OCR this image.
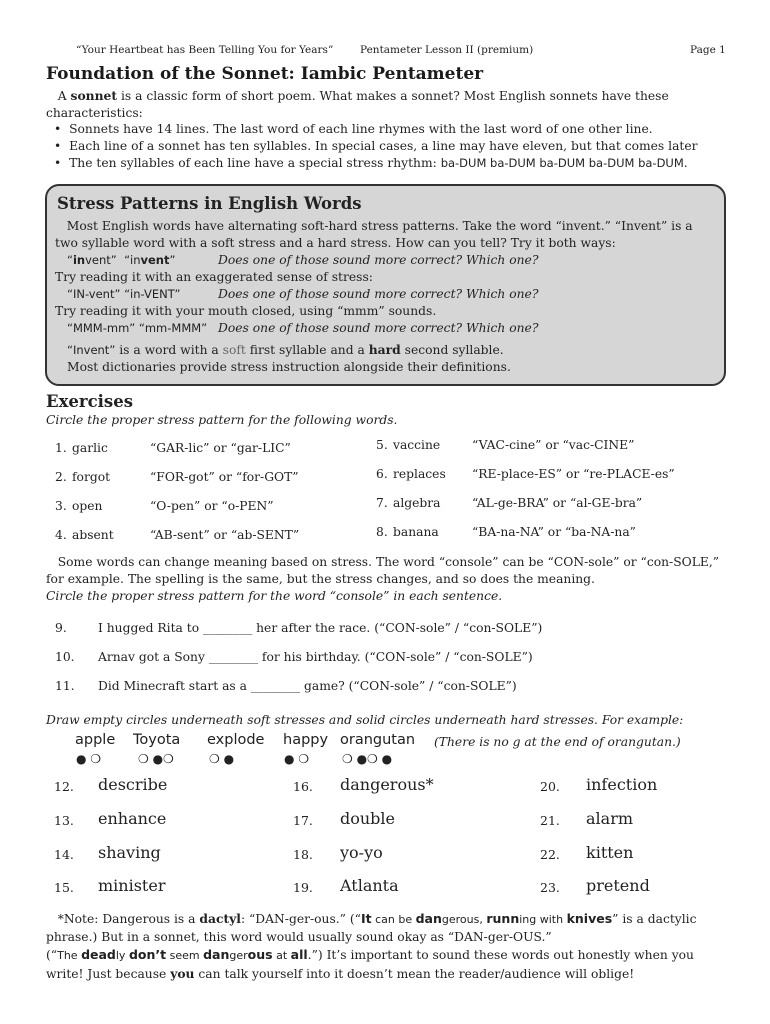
“Your Heartbeat has Been Telling You for Years”	Pentameter Lesson II (premium)	Page 1
Foundation of the Sonnet: Iambic Pentameter
A sonnet is a classic form of short poem. What makes a sonnet? Most English sonnets have these
characteristics:
•  Sonnets have 14 lines. The last word of each line rhymes with the last word of one other line.
•  Each line of a sonnet has ten syllables. In special cases, a line may have eleven, but that comes later
•  The ten syllables of each line have a special stress rhythm: ba-DUM ba-DUM ba-DUM ba-DUM ba-DUM.
Stress Patterns in English Words
Most English words have alternating soft-hard stress patterns. Take the word “invent.” “Invent” is a
two syllable word with a soft stress and a hard stress. How can you tell? Try it both ways:
“invent” “invent”	Does one of those sound more correct? Which one?

Try reading it with an exaggerated sense of stress:
“IN-vent” “in-VENT”	Does one of those sound more correct? Which one?

Try reading it with your mouth closed, using “mmm” sounds.
“MMM-mm” “mm-MMM” Does one of those sound more correct? Which one?

“Invent” is a word with a soft first syllable and a hard second syllable.
Most dictionaries provide stress instruction alongside their definitions.
Exercises
Circle the proper stress pattern for the following words.
1. garlic	“GAR-lic” or “gar-LIC”
2. forgot	“FOR-got” or “for-GOT”
3. open	“O-pen” or “o-PEN”
4. absent	“AB-sent” or “ab-SENT”
5. vaccine	“VAC-cine” or “vac-CINE”
6. replaces “RE-place-ES” or “re-PLACE-es”
7. algebra	“AL-ge-BRA” or “al-GE-bra”
8. banana	“BA-na-NA” or “ba-NA-na”
Some words can change meaning based on stress. The word “console” can be “CON-sole” or “con-SOLE,”
for example. The spelling is the same, but the stress changes, and so does the meaning.
Circle the proper stress pattern for the word “console” in each sentence.
9.	I hugged Rita to ________ her after the race. (“CON-sole” / “con-SOLE”)
10. Arnav got a Sony ________ for his birthday. (“CON-sole” / “con-SOLE”)
11. Did Minecraft start as a ________ game? (“CON-sole” / “con-SOLE”)
Draw empty circles underneath soft stresses and solid circles underneath hard stresses. For example:
apple Toyota explode happy orangutan (There is no g at the end of orangutan.)
● ❍	❍ ●❍	❍ ●	● ❍	❍ ●❍ ●
12. describe	16. dangerous*	20. infection
13. enhance	17. double	21. alarm
14. shaving	18. yo-yo	22. kitten
15. minister	19. Atlanta	23. pretend
*Note: Dangerous is a dactyl: “DAN-ger-ous.” (“It can be dangerous, running with knives” is a dactylic
phrase.) But in a sonnet, this word would usually sound okay as “DAN-ger-OUS.”
(“The deadly don’t seem dangerous at all.”) It’s important to sound these words out honestly when you
write! Just because you can talk yourself into it doesn’t mean the reader/audience will oblige!
